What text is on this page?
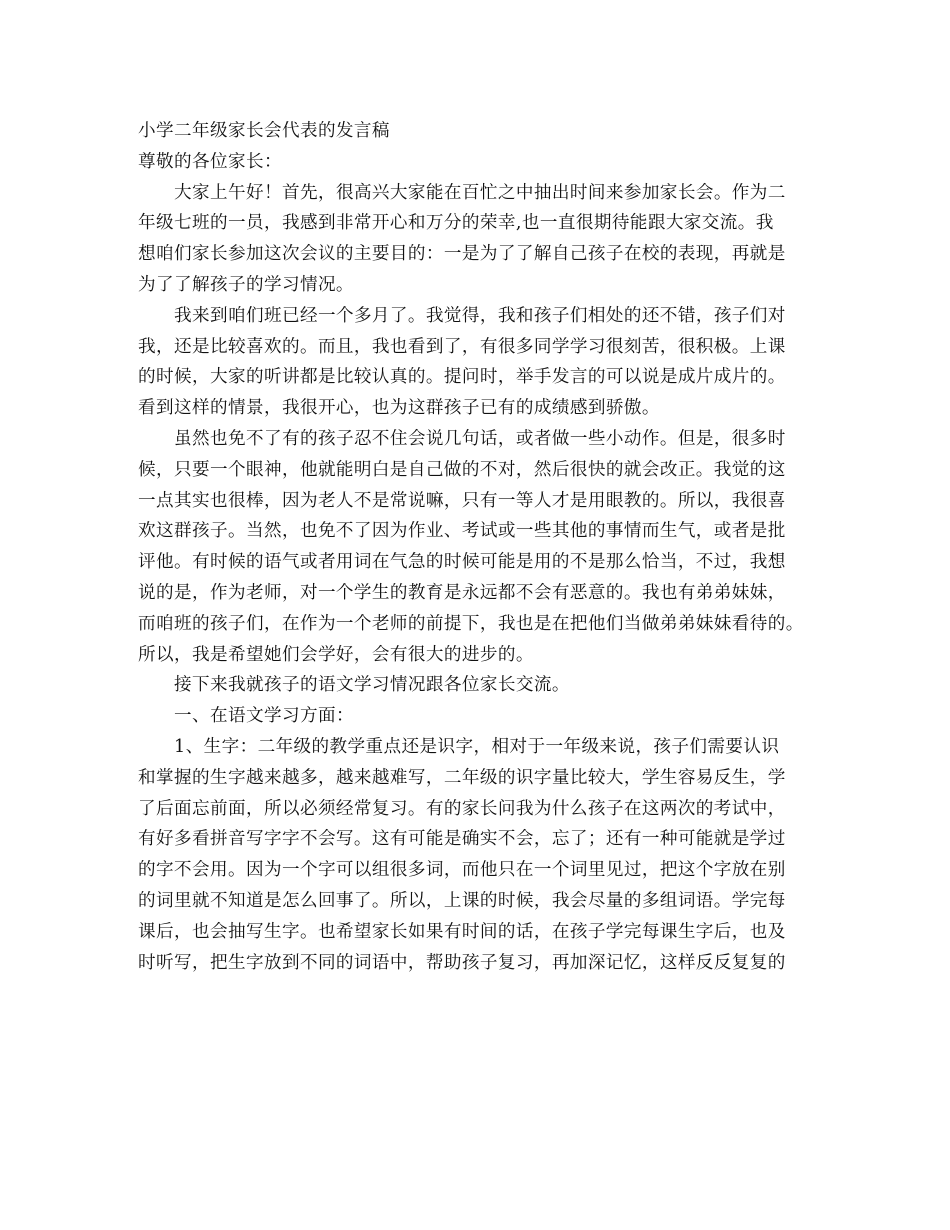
小学二年级家长会代表的发言稿
尊敬的各位家长：
大家上午好！首先，很高兴大家能在百忙之中抽出时间来参加家长会。作为二
年级七班的一员，我感到非常开心和万分的荣幸,也一直很期待能跟大家交流。我
想咱们家长参加这次会议的主要目的：一是为了了解自己孩子在校的表现，再就是
为了了解孩子的学习情况。
我来到咱们班已经一个多月了。我觉得，我和孩子们相处的还不错，孩子们对
我，还是比较喜欢的。而且，我也看到了，有很多同学学习很刻苦，很积极。上课
的时候，大家的听讲都是比较认真的。提问时，举手发言的可以说是成片成片的。
看到这样的情景，我很开心，也为这群孩子已有的成绩感到骄傲。
虽然也免不了有的孩子忍不住会说几句话，或者做一些小动作。但是，很多时
候，只要一个眼神，他就能明白是自己做的不对，然后很快的就会改正。我觉的这
一点其实也很棒，因为老人不是常说嘛，只有一等人才是用眼教的。所以，我很喜
欢这群孩子。当然，也免不了因为作业、考试或一些其他的事情而生气，或者是批
评他。有时候的语气或者用词在气急的时候可能是用的不是那么恰当，不过，我想
说的是，作为老师，对一个学生的教育是永远都不会有恶意的。我也有弟弟妹妹，
而咱班的孩子们，在作为一个老师的前提下，我也是在把他们当做弟弟妹妹看待的。
所以，我是希望她们会学好，会有很大的进步的。
接下来我就孩子的语文学习情况跟各位家长交流。
一、在语文学习方面：
1、生字：二年级的教学重点还是识字，相对于一年级来说，孩子们需要认识
和掌握的生字越来越多，越来越难写，二年级的识字量比较大，学生容易反生，学
了后面忘前面，所以必须经常复习。有的家长问我为什么孩子在这两次的考试中，
有好多看拼音写字字不会写。这有可能是确实不会，忘了；还有一种可能就是学过
的字不会用。因为一个字可以组很多词，而他只在一个词里见过，把这个字放在别
的词里就不知道是怎么回事了。所以，上课的时候，我会尽量的多组词语。学完每
课后，也会抽写生字。也希望家长如果有时间的话，在孩子学完每课生字后，也及
时听写，把生字放到不同的词语中，帮助孩子复习，再加深记忆，这样反反复复的
